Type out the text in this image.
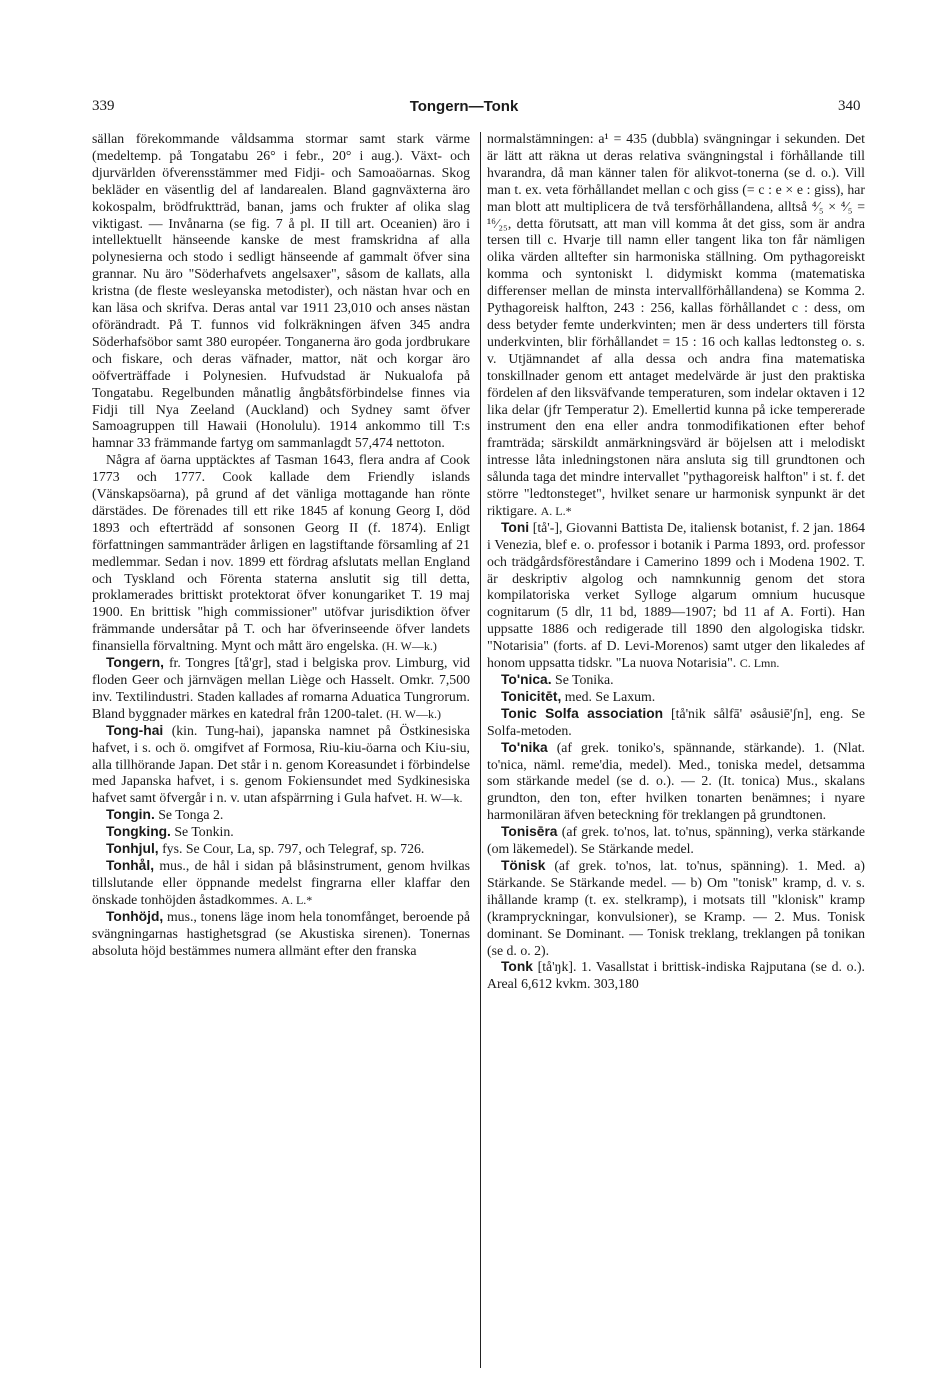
339	Tongern—Tonk	340

sällan förekommande våldsamma stormar samt stark värme (medeltemp. på Tongatabu 26° i febr., 20° i aug.). Växt- och djurvärlden öfverensstämmer med Fidji- och Samoaöarnas. Skog bekläder en väsentlig del af landarealen. Bland gagnväxterna äro kokospalm, brödfruktträd, banan, jams och frukter af olika slag viktigast. — Invånarna (se fig. 7 å pl. II till art. Oceanien) äro i intellektuellt hänseende kanske de mest framskridna af alla polynesierna och stodo i sedligt hänseende af gammalt öfver sina grannar. Nu äro "Söderhafvets angelsaxer", såsom de kallats, alla kristna (de fleste wesleyanska metodister), och nästan hvar och en kan läsa och skrifva. Deras antal var 1911 23,010 och anses nästan oförändradt. På T. funnos vid folkräkningen äfven 345 andra Söderhafsöbor samt 380 européer. Tonganerna äro goda jordbrukare och fiskare, och deras väfnader, mattor, nät och korgar äro oöfverträffade i Polynesien. Hufvudstad är Nukualofa på Tongatabu. Regelbunden månatlig ångbåtsförbindelse finnes via Fidji till Nya Zeeland (Auckland) och Sydney samt öfver Samoagruppen till Hawaii (Honolulu). 1914 ankommo till T:s hamnar 33 främmande fartyg om sammanlagdt 57,474 nettoton.

Några af öarna upptäcktes af Tasman 1643, flera andra af Cook 1773 och 1777. Cook kallade dem Friendly islands (Vänskapsöarna), på grund af det vänliga mottagande han rönte därstädes. De förenades till ett rike 1845 af konung Georg I, död 1893 och efterträdd af sonsonen Georg II (f. 1874). Enligt författningen sammanträder årligen en lagstiftande församling af 21 medlemmar. Sedan i nov. 1899 ett fördrag afslutats mellan England och Tyskland och Förenta staterna anslutit sig till detta, proklamerades brittiskt protektorat öfver konungariket T. 19 maj 1900. En brittisk "high commissioner" utöfvar jurisdiktion öfver främmande undersåtar på T. och har öfverinseende öfver landets finansiella förvaltning. Mynt och mått äro engelska. (H. W—k.)

Tongern, fr. Tongres [tå'gr], stad i belgiska prov. Limburg, vid floden Geer och järnvägen mellan Liège och Hasselt. Omkr. 7,500 inv. Textilindustri. Staden kallades af romarna Aduatica Tungrorum. Bland byggnader märkes en katedral från 1200-talet. (H. W—k.)

Tong-hai (kin. Tung-hai), japanska namnet på Östkinesiska hafvet, i s. och ö. omgifvet af Formosa, Riu-kiu-öarna och Kiu-siu, alla tillhörande Japan. Det står i n. genom Koreasundet i förbindelse med Japanska hafvet, i s. genom Fokiensundet med Sydkinesiska hafvet samt öfvergår i n. v. utan afspärrning i Gula hafvet. H. W—k.

Tongin. Se Tonga 2.

Tongking. Se Tonkin.

Tonhjul, fys. Se Cour, La, sp. 797, och Telegraf, sp. 726.

Tonhål, mus., de hål i sidan på blåsinstrument, genom hvilkas tillslutande eller öppnande medelst fingrarna eller klaffar den önskade tonhöjden åstadkommes. A. L.*

Tonhöjd, mus., tonens läge inom hela tonomfånget, beroende på svängningarnas hastighetsgrad (se Akustiska sirenen). Tonernas absoluta höjd bestämmes numera allmänt efter den franska

normalstämningen: a¹ = 435 (dubbla) svängningar i sekunden. Det är lätt att räkna ut deras relativa svängningstal i förhållande till hvarandra, då man känner talen för alikvot-tonerna (se d. o.). Vill man t. ex. veta förhållandet mellan c och giss (= c : e × e : giss), har man blott att multiplicera de två tersförhållandena, alltså ⁴⁄₅ × ⁴⁄₅ = ¹⁶⁄₂₅, detta förutsatt, att man vill komma åt det giss, som är andra tersen till c. Hvarje till namn eller tangent lika ton får nämligen olika värden alltefter sin harmoniska ställning. Om pythagoreiskt komma och syntoniskt l. didymiskt komma (matematiska differenser mellan de minsta intervallförhållandena) se Komma 2. Pythagoreisk halfton, 243 : 256, kallas förhållandet c : dess, om dess betyder femte underkvinten; men är dess underters till första underkvinten, blir förhållandet = 15 : 16 och kallas ledtonsteg o. s. v. Utjämnandet af alla dessa och andra fina matematiska tonskillnader genom ett antaget medelvärde är just den praktiska fördelen af den liksväfvande temperaturen, som indelar oktaven i 12 lika delar (jfr Temperatur 2). Emellertid kunna på icke tempererade instrument den ena eller andra tonmodifikationen efter behof framträda; särskildt anmärkningsvärd är böjelsen att i melodiskt intresse låta inledningstonen nära ansluta sig till grundtonen och sålunda taga det mindre intervallet "pythagoreisk halfton" i st. f. det större "ledtonsteget", hvilket senare ur harmonisk synpunkt är det riktigare. A. L.*

Toni [tå'-], Giovanni Battista De, italiensk botanist, f. 2 jan. 1864 i Venezia, blef e. o. professor i botanik i Parma 1893, ord. professor och trädgårdsföreståndare i Camerino 1899 och i Modena 1902. T. är deskriptiv algolog och namnkunnig genom det stora kompilatoriska verket Sylloge algarum omnium hucusque cognitarum (5 dlr, 11 bd, 1889—1907; bd 11 af A. Forti). Han uppsatte 1886 och redigerade till 1890 den algologiska tidskr. "Notarisia" (forts. af D. Levi-Morenos) samt utger den likaledes af honom uppsatta tidskr. "La nuova Notarisia". C. Lmn.

To'nica. Se Tonika.

Tonicitēt, med. Se Laxum.

Tonic Solfa association [tå'nik sålfā' əsåusiē'ʃn], eng. Se Solfa-metoden.

To'nika (af grek. toniko's, spännande, stärkande). 1. (Nlat. to'nica, näml. reme'dia, medel). Med., toniska medel, detsamma som stärkande medel (se d. o.). — 2. (It. tonica) Mus., skalans grundton, den ton, efter hvilken tonarten benämnes; i nyare harmoniläran äfven beteckning för treklangen på grundtonen.

Tonisēra (af grek. to'nos, lat. to'nus, spänning), verka stärkande (om läkemedel). Se Stärkande medel.

Tönisk (af grek. to'nos, lat. to'nus, spänning). 1. Med. a) Stärkande. Se Stärkande medel. — b) Om "tonisk" kramp, d. v. s. ihållande kramp (t. ex. stelkramp), i motsats till "klonisk" kramp (krampryckningar, konvulsioner), se Kramp. — 2. Mus. Tonisk dominant. Se Dominant. — Tonisk treklang, treklangen på tonikan (se d. o. 2).

Tonk [tå'ŋk]. 1. Vasallstat i brittisk-indiska Rajputana (se d. o.). Areal 6,612 kvkm. 303,180
